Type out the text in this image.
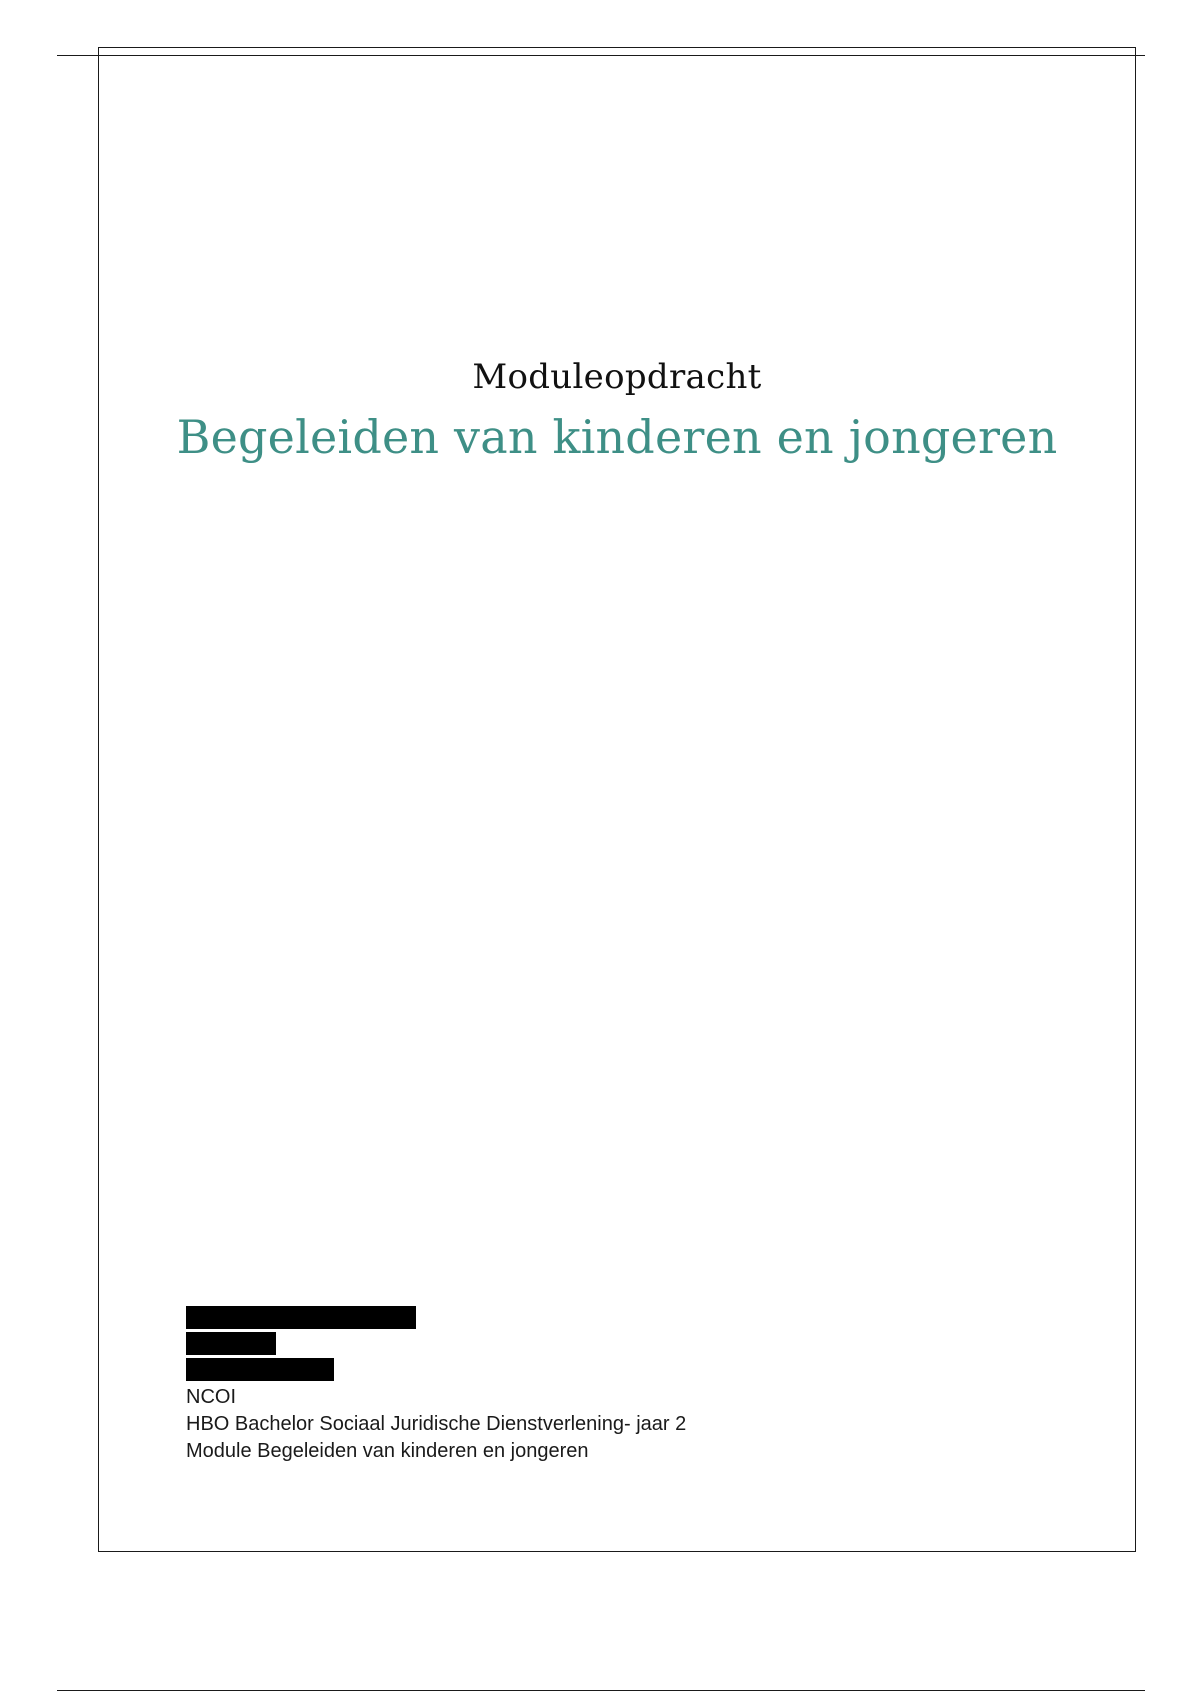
Moduleopdracht

Begeleiden van kinderen en jongeren

NCOI

HBO Bachelor Sociaal Juridische Dienstverlening- jaar 2

Module Begeleiden van kinderen en jongeren
